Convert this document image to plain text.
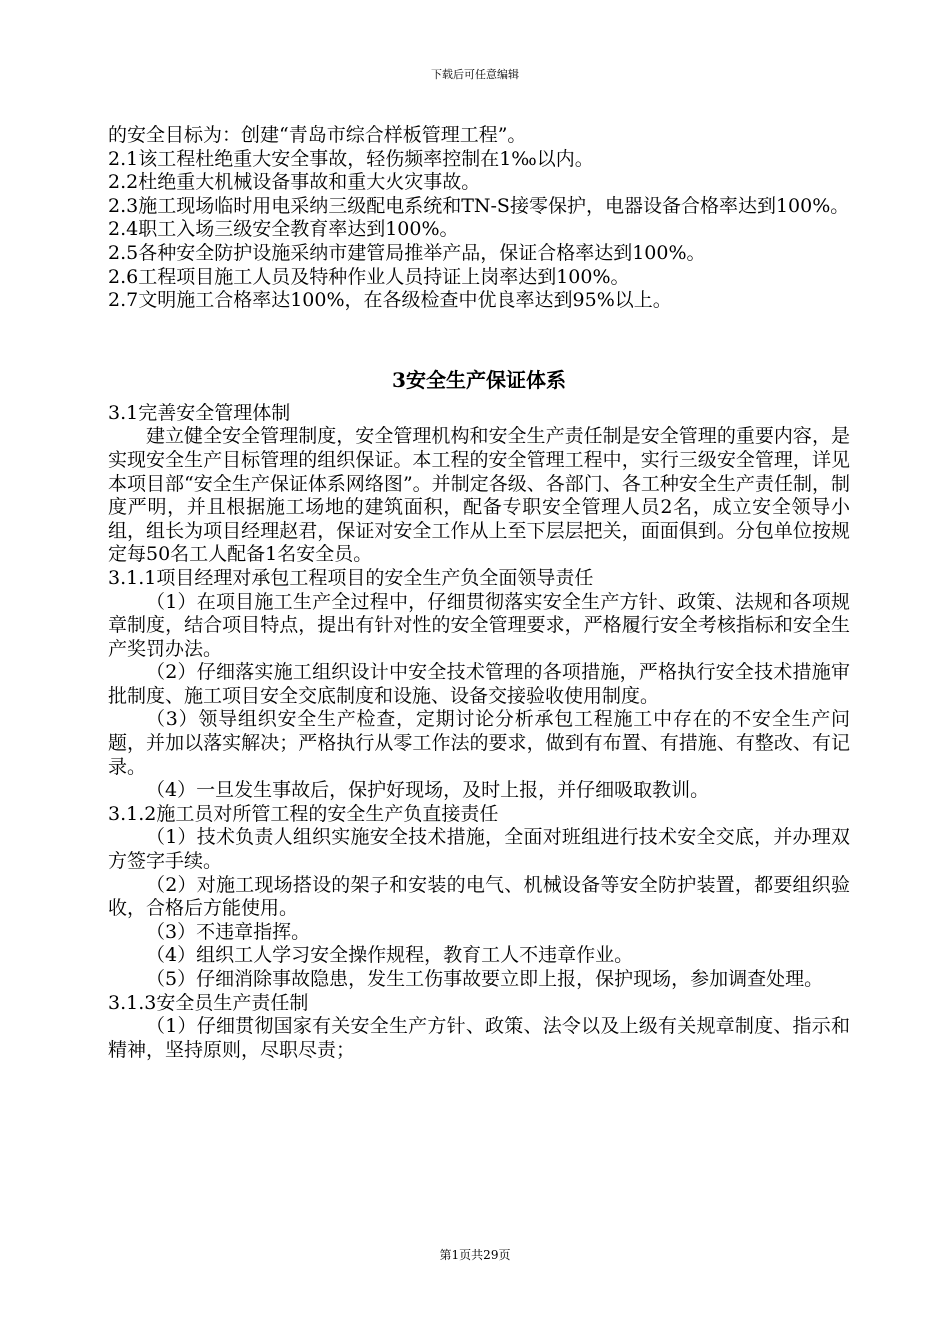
下载后可任意编辑

的安全目标为：创建“青岛市综合样板管理工程”。

2.1该工程杜绝重大安全事故，轻伤频率控制在1‰以内。

2.2杜绝重大机械设备事故和重大火灾事故。

2.3施工现场临时用电采纳三级配电系统和TN-S接零保护，电器设备合格率达到100%。

2.4职工入场三级安全教育率达到100%。

2.5各种安全防护设施采纳市建管局推举产品，保证合格率达到100%。

2.6工程项目施工人员及特种作业人员持证上岗率达到100%。

2.7文明施工合格率达100%，在各级检查中优良率达到95%以上。

3安全生产保证体系

3.1完善安全管理体制

建立健全安全管理制度，安全管理机构和安全生产责任制是安全管理的重要内容，是实现安全生产目标管理的组织保证。本工程的安全管理工程中，实行三级安全管理，详见本项目部“安全生产保证体系网络图”。并制定各级、各部门、各工种安全生产责任制，制度严明，并且根据施工场地的建筑面积，配备专职安全管理人员2名，成立安全领导小组，组长为项目经理赵君，保证对安全工作从上至下层层把关，面面俱到。分包单位按规定每50名工人配备1名安全员。

3.1.1项目经理对承包工程项目的安全生产负全面领导责任

（1）在项目施工生产全过程中，仔细贯彻落实安全生产方针、政策、法规和各项规章制度，结合项目特点，提出有针对性的安全管理要求，严格履行安全考核指标和安全生产奖罚办法。

（2）仔细落实施工组织设计中安全技术管理的各项措施，严格执行安全技术措施审批制度、施工项目安全交底制度和设施、设备交接验收使用制度。

（3）领导组织安全生产检查，定期讨论分析承包工程施工中存在的不安全生产问题，并加以落实解决；严格执行从零工作法的要求，做到有布置、有措施、有整改、有记录。

（4）一旦发生事故后，保护好现场，及时上报，并仔细吸取教训。

3.1.2施工员对所管工程的安全生产负直接责任

（1）技术负责人组织实施安全技术措施，全面对班组进行技术安全交底，并办理双方签字手续。

（2）对施工现场搭设的架子和安装的电气、机械设备等安全防护装置，都要组织验收，合格后方能使用。

（3）不违章指挥。

（4）组织工人学习安全操作规程，教育工人不违章作业。

（5）仔细消除事故隐患，发生工伤事故要立即上报，保护现场，参加调查处理。

3.1.3安全员生产责任制

（1）仔细贯彻国家有关安全生产方针、政策、法令以及上级有关规章制度、指示和精神，坚持原则，尽职尽责；

第1页共29页
